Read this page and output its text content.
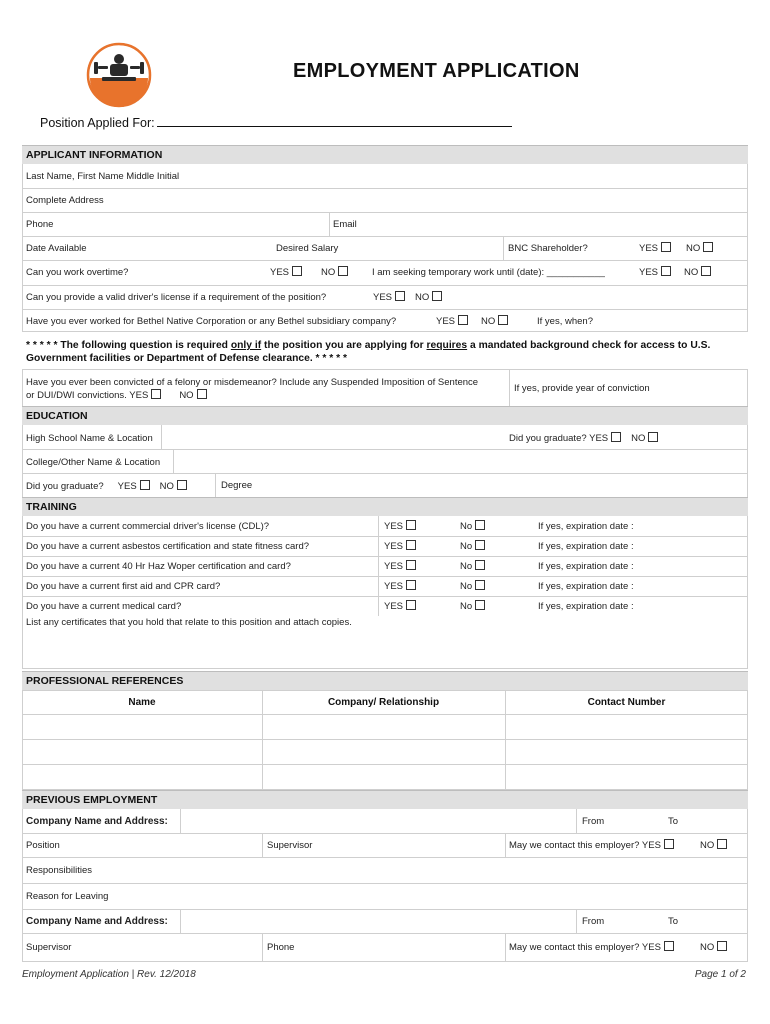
EMPLOYMENT APPLICATION
Position Applied For:
APPLICANT INFORMATION
Last Name, First Name Middle Initial
Complete Address
Phone	Email
Date Available	Desired Salary	BNC Shareholder?	YES	NO
Can you work overtime?	YES	NO	I am seeking temporary work until (date): ___________	YES	NO
Can you provide a valid driver's license if a requirement of the position?	YES	NO
Have you ever worked for Bethel Native Corporation or any Bethel subsidiary company?	YES	NO	If yes, when?
* * * * * The following question is required only if the position you are applying for requires a mandated background check for access to U.S. Government facilities or Department of Defense clearance. * * * * *
Have you ever been convicted of a felony or misdemeanor? Include any Suspended Imposition of Sentence
or DUI/DWI convictions. YES	NO
If yes, provide year of conviction
EDUCATION
High School Name & Location	Did you graduate? YES NO
College/Other Name & Location
Did you graduate? YES NO	Degree
TRAINING
Do you have a current commercial driver's license (CDL)?	YES	No	If yes, expiration date :
Do you have a current asbestos certification and state fitness card?	YES	No	If yes, expiration date :
Do you have a current 40 Hr Haz Woper certification and card?	YES	No	If yes, expiration date :
Do you have a current first aid and CPR card?	YES	No	If yes, expiration date :
Do you have a current medical card?	YES	No	If yes, expiration date :
List any certificates that you hold that relate to this position and attach copies.
PROFESSIONAL REFERENCES
Name	Company/ Relationship	Contact Number
PREVIOUS EMPLOYMENT
Company Name and Address:	From	To
Position	Supervisor	May we contact this employer? YES	NO
Responsibilities
Reason for Leaving
Company Name and Address:	From	To
Supervisor	Phone	May we contact this employer? YES	NO
Employment Application | Rev. 12/2018	Page 1 of 2
